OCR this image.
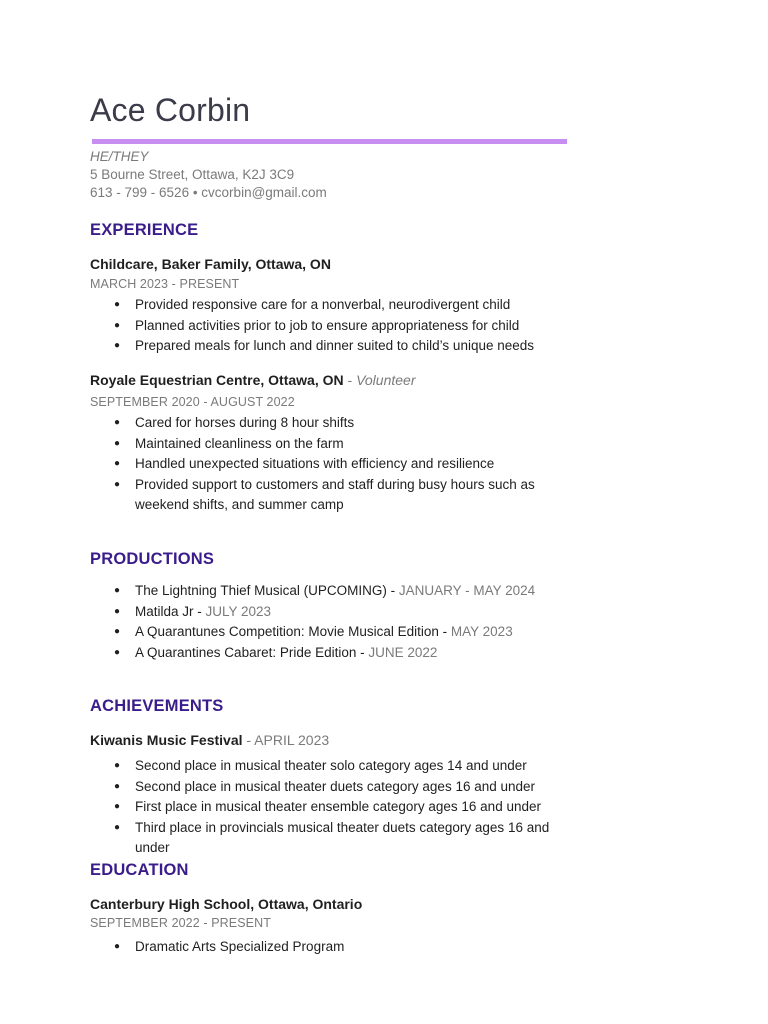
Ace Corbin
HE/THEY
5 Bourne Street, Ottawa, K2J 3C9
613 - 799 - 6526 • cvcorbin@gmail.com
EXPERIENCE
Childcare, Baker Family, Ottawa, ON
MARCH 2023 - PRESENT
● Provided responsive care for a nonverbal, neurodivergent child
● Planned activities prior to job to ensure appropriateness for child
● Prepared meals for lunch and dinner suited to child’s unique needs
Royale Equestrian Centre, Ottawa, ON - Volunteer
SEPTEMBER 2020 - AUGUST 2022
● Cared for horses during 8 hour shifts
● Maintained cleanliness on the farm
● Handled unexpected situations with efficiency and resilience
● Provided support to customers and staff during busy hours such as weekend shifts, and summer camp
PRODUCTIONS
● The Lightning Thief Musical (UPCOMING) - JANUARY - MAY 2024
● Matilda Jr - JULY 2023
● A Quarantunes Competition: Movie Musical Edition - MAY 2023
● A Quarantines Cabaret: Pride Edition - JUNE 2022
ACHIEVEMENTS
Kiwanis Music Festival - APRIL 2023
● Second place in musical theater solo category ages 14 and under
● Second place in musical theater duets category ages 16 and under
● First place in musical theater ensemble category ages 16 and under
● Third place in provincials musical theater duets category ages 16 and under
EDUCATION
Canterbury High School, Ottawa, Ontario
SEPTEMBER 2022 - PRESENT
● Dramatic Arts Specialized Program
